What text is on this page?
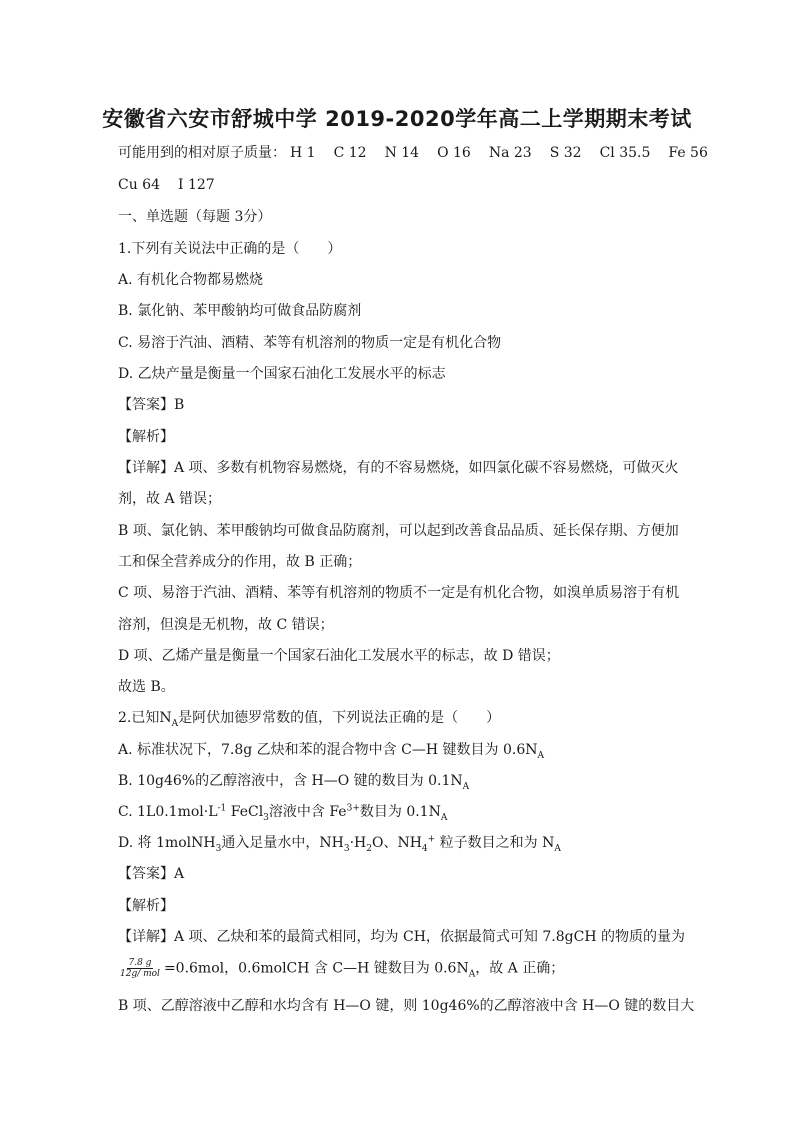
安徽省六安市舒城中学 2019-2020学年高二上学期期末考试
可能用到的相对原子质量： H 1 C 12 N 14 O 16 Na 23 S 32 Cl 35.5 Fe 56
Cu 64 I 127
一、单选题（每题 3分）
1.下列有关说法中正确的是（　　）
A. 有机化合物都易燃烧
B. 氯化钠、苯甲酸钠均可做食品防腐剂
C. 易溶于汽油、酒精、苯等有机溶剂的物质一定是有机化合物
D. 乙炔产量是衡量一个国家石油化工发展水平的标志
【答案】B
【解析】
【详解】A 项、多数有机物容易燃烧，有的不容易燃烧，如四氯化碳不容易燃烧，可做灭火
剂，故 A 错误；
B 项、氯化钠、苯甲酸钠均可做食品防腐剂，可以起到改善食品品质、延长保存期、方便加
工和保全营养成分的作用，故 B 正确；
C 项、易溶于汽油、酒精、苯等有机溶剂的物质不一定是有机化合物，如溴单质易溶于有机
溶剂，但溴是无机物，故 C 错误；
D 项、乙烯产量是衡量一个国家石油化工发展水平的标志，故 D 错误；
故选 B。
2.已知$N_A$是阿伏加德罗常数的值，下列说法正确的是（　　）
A. 标准状况下，7.8g 乙炔和苯的混合物中含 C—H 键数目为 $0.6N_A$
B. 10g46%的乙醇溶液中，含 H—O 键的数目为 $0.1N_A$
C. $1L0.1mol\cdot L^{-1}$ FeCl$_3$溶液中含 $Fe^{3+}$数目为 $0.1N_A$
D. 将 1molNH$_3$通入足量水中，$NH_3\cdot H_2O$、$NH_4^+$ 粒子数目之和为 $N_A$
【答案】A
【解析】
【详解】A 项、乙炔和苯的最简式相同，均为 CH，依据最简式可知 7.8gCH 的物质的量为
$\frac{7.8 g}{\text{12g/ mol}} =0.6mol$，0.6molCH 含 C—H 键数目为 $0.6N_A$，故 A 正确；
B 项、乙醇溶液中乙醇和水均含有 H—O 键，则 10g46%的乙醇溶液中含 H—O 键的数目大
